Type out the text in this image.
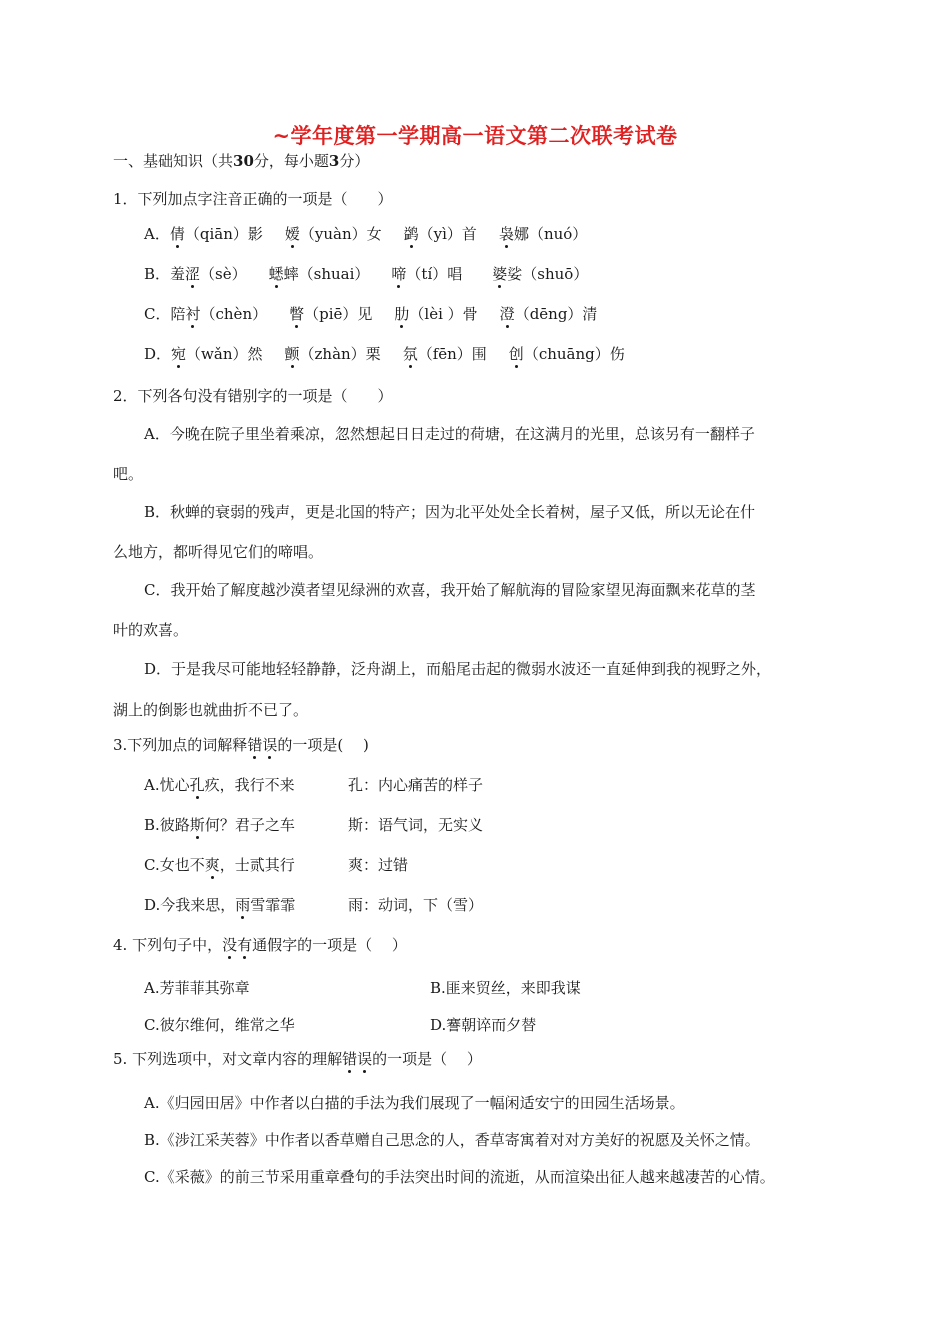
~学年度第一学期高一语文第二次联考试卷
一、基础知识（共30分，每小题3分）
1．下列加点字注音正确的一项是（　　）
A．倩（qiān）影 嫒（yuàn）女 鹢（yì）首 袅娜（nuó）
B．羞涩（sè） 蟋蟀（shuai） 啼（tí）唱 婆娑（shuō）
C．陪衬（chèn） 瞥（piē）见 肋（lèi ）骨 澄（dēng）清
D．宛（wǎn）然 颤（zhàn）栗 氛（fēn）围 创（chuāng）伤
2．下列各句没有错别字的一项是（　　）
A．今晚在院子里坐着乘凉，忽然想起日日走过的荷塘，在这满月的光里，总该另有一翻样子
吧。
B．秋蝉的衰弱的残声，更是北国的特产；因为北平处处全长着树，屋子又低，所以无论在什
么地方，都听得见它们的啼唱。
C．我开始了解度越沙漠者望见绿洲的欢喜，我开始了解航海的冒险家望见海面飘来花草的茎
叶的欢喜。
D．于是我尽可能地轻轻静静，泛舟湖上，而船尾击起的微弱水波还一直延伸到我的视野之外，
湖上的倒影也就曲折不已了。
3.下列加点的词解释错误的一项是(　 )
A.忧心孔疚，我行不来	孔：内心痛苦的样子
B.彼路斯何？君子之车	斯：语气词，无实义
C.女也不爽，士贰其行	爽：过错
D.今我来思，雨雪霏霏	雨：动词，下（雪）
4. 下列句子中，没有通假字的一项是（　 ）
A.芳菲菲其弥章	B.匪来贸丝，来即我谋
C.彼尔维何，维常之华	D.謇朝谇而夕替
5. 下列选项中，对文章内容的理解错误的一项是（　 ）
A.《归园田居》中作者以白描的手法为我们展现了一幅闲适安宁的田园生活场景。
B.《涉江采芙蓉》中作者以香草赠自己思念的人，香草寄寓着对对方美好的祝愿及关怀之情。
C.《采薇》的前三节采用重章叠句的手法突出时间的流逝，从而渲染出征人越来越凄苦的心情。
